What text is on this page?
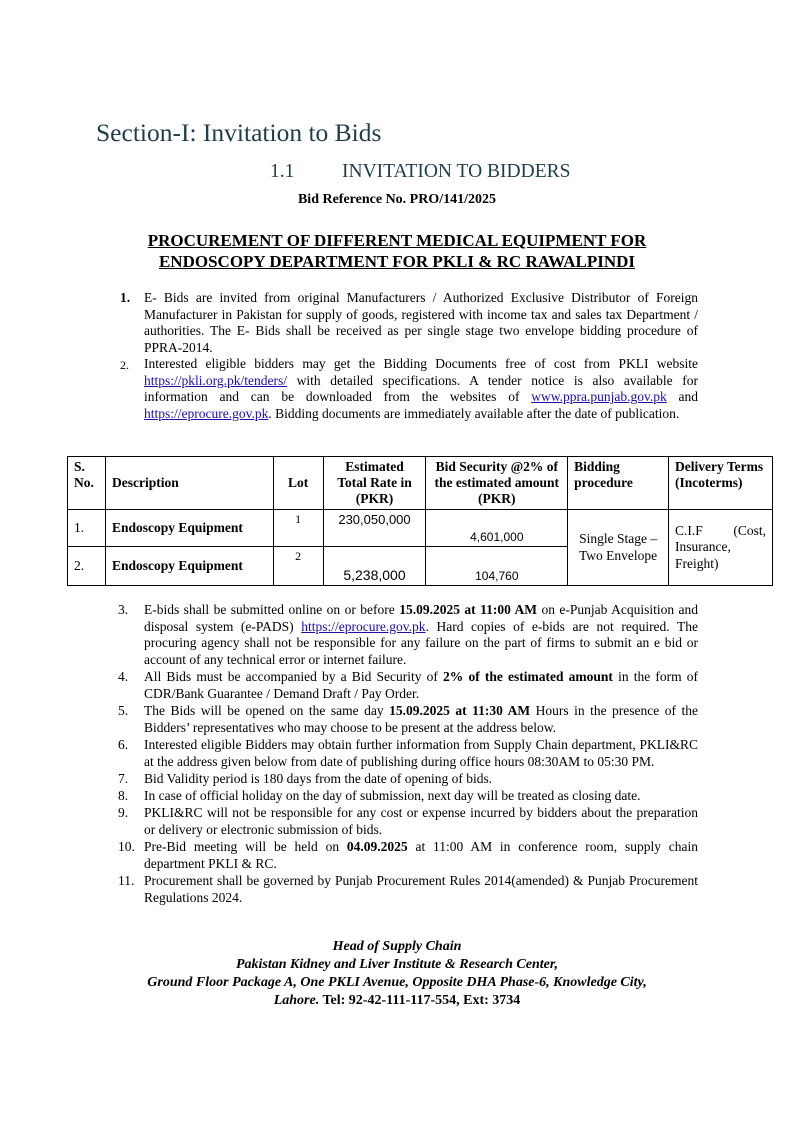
Section-I: Invitation to Bids
1.1 INVITATION TO BIDDERS
Bid Reference No. PRO/141/2025
PROCUREMENT OF DIFFERENT MEDICAL EQUIPMENT FOR
ENDOSCOPY DEPARTMENT FOR PKLI & RC RAWALPINDI
1. E- Bids are invited from original Manufacturers / Authorized Exclusive Distributor of Foreign Manufacturer in Pakistan for supply of goods, registered with income tax and sales tax Department / authorities. The E- Bids shall be received as per single stage two envelope bidding procedure of PPRA-2014.
2. Interested eligible bidders may get the Bidding Documents free of cost from PKLI website https://pkli.org.pk/tenders/ with detailed specifications. A tender notice is also available for information and can be downloaded from the websites of www.ppra.punjab.gov.pk and https://eprocure.gov.pk. Bidding documents are immediately available after the date of publication.
S. No.	Description	Lot	Estimated Total Rate in (PKR)	Bid Security @2% of the estimated amount (PKR)	Bidding procedure	Delivery Terms (Incoterms)
1.	Endoscopy Equipment	1	230,050,000	4,601,000	Single Stage – Two Envelope	C.I.F (Cost, Insurance, Freight)
2.	Endoscopy Equipment	2	5,238,000	104,760		
3. E-bids shall be submitted online on or before 15.09.2025 at 11:00 AM on e-Punjab Acquisition and disposal system (e-PADS) https://eprocure.gov.pk. Hard copies of e-bids are not required. The procuring agency shall not be responsible for any failure on the part of firms to submit an e bid or account of any technical error or internet failure.
4. All Bids must be accompanied by a Bid Security of 2% of the estimated amount in the form of CDR/Bank Guarantee / Demand Draft / Pay Order.
5. The Bids will be opened on the same day 15.09.2025 at 11:30 AM Hours in the presence of the Bidders’ representatives who may choose to be present at the address below.
6. Interested eligible Bidders may obtain further information from Supply Chain department, PKLI&RC at the address given below from date of publishing during office hours 08:30AM to 05:30 PM.
7. Bid Validity period is 180 days from the date of opening of bids.
8. In case of official holiday on the day of submission, next day will be treated as closing date.
9. PKLI&RC will not be responsible for any cost or expense incurred by bidders about the preparation or delivery or electronic submission of bids.
10. Pre-Bid meeting will be held on 04.09.2025 at 11:00 AM in conference room, supply chain department PKLI & RC.
11. Procurement shall be governed by Punjab Procurement Rules 2014(amended) & Punjab Procurement Regulations 2024.
Head of Supply Chain
Pakistan Kidney and Liver Institute & Research Center,
Ground Floor Package A, One PKLI Avenue, Opposite DHA Phase-6, Knowledge City,
Lahore. Tel: 92-42-111-117-554, Ext: 3734
